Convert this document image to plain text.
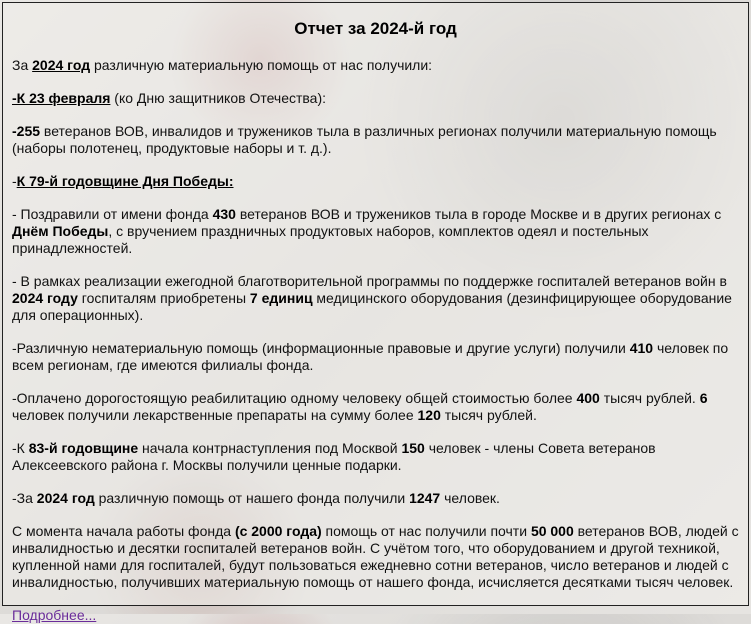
Отчет за 2024-й год

За 2024 год различную материальную помощь от нас получили:

-К 23 февраля (ко Дню защитников Отечества):

-255 ветеранов ВОВ, инвалидов и тружеников тыла в различных регионах получили материальную помощь (наборы полотенец, продуктовые наборы и т. д.).

-К 79-й годовщине Дня Победы:

- Поздравили от имени фонда 430 ветеранов ВОВ и тружеников тыла в городе Москве и в других регионах с Днём Победы, с вручением праздничных продуктовых наборов, комплектов одеял и постельных принадлежностей.

- В рамках реализации ежегодной благотворительной программы по поддержке госпиталей ветеранов войн в 2024 году госпиталям приобретены 7 единиц медицинского оборудования (дезинфицирующее оборудование для операционных).

-Различную нематериальную помощь (информационные правовые и другие услуги) получили 410 человек по всем регионам, где имеются филиалы фонда.

-Оплачено дорогостоящую реабилитацию одному человеку общей стоимостью более 400 тысяч рублей. 6 человек получили лекарственные препараты на сумму более 120 тысяч рублей.

-К 83-й годовщине начала контрнаступления под Москвой 150 человек - члены Совета ветеранов Алексеевского района г. Москвы получили ценные подарки.

-За 2024 год различную помощь от нашего фонда получили 1247 человек.

С момента начала работы фонда (с 2000 года) помощь от нас получили почти 50 000 ветеранов ВОВ, людей с инвалидностью и десятки госпиталей ветеранов войн. С учётом того, что оборудованием и другой техникой, купленной нами для госпиталей, будут пользоваться ежедневно сотни ветеранов, число ветеранов и людей с инвалидностью, получивших материальную помощь от нашего фонда, исчисляется десятками тысяч человек.

Подробнее...
